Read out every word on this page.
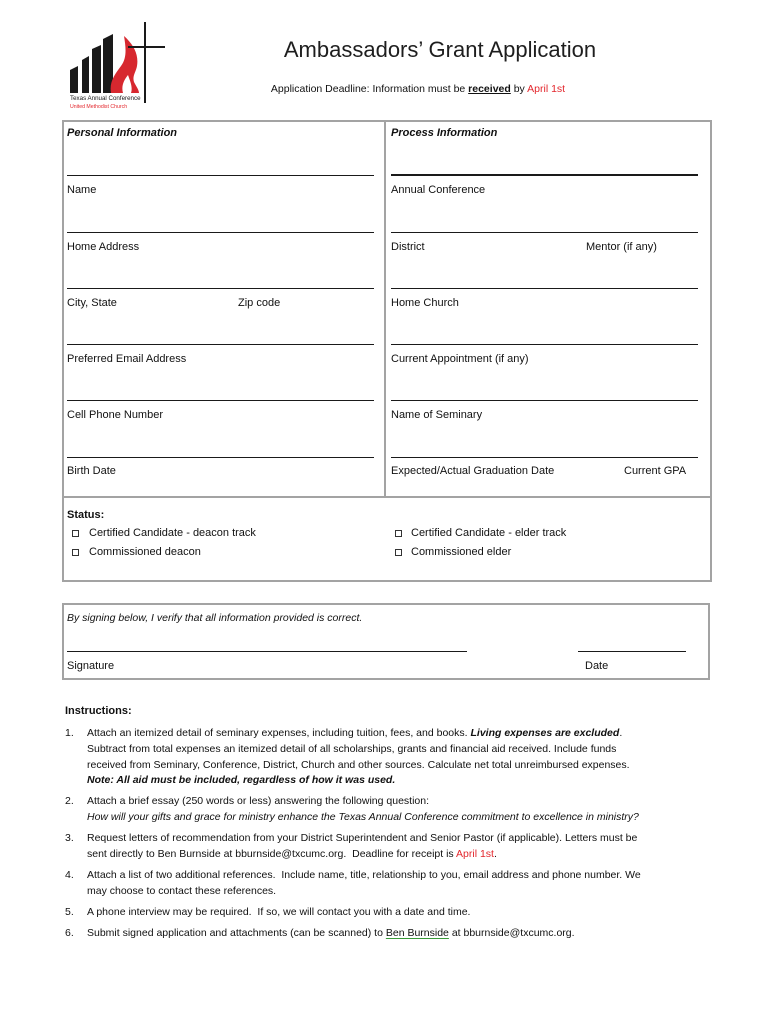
Texas Annual Conference
United Methodist Church
Ambassadors’ Grant Application
Application Deadline: Information must be received by April 1st
Personal Information	Process Information
Name
Home Address
City, State	Zip code
Preferred Email Address
Cell Phone Number
Birth Date
Annual Conference
District	Mentor (if any)
Home Church
Current Appointment (if any)
Name of Seminary
Expected/Actual Graduation Date	Current GPA
Status:
Certified Candidate - deacon track
Commissioned deacon
Certified Candidate - elder track
Commissioned elder
By signing below, I verify that all information provided is correct.
Signature	Date
Instructions:
1. Attach an itemized detail of seminary expenses, including tuition, fees, and books. Living expenses are excluded.
Subtract from total expenses an itemized detail of all scholarships, grants and financial aid received. Include funds
received from Seminary, Conference, District, Church and other sources. Calculate net total unreimbursed expenses.
Note: All aid must be included, regardless of how it was used.
2. Attach a brief essay (250 words or less) answering the following question:
How will your gifts and grace for ministry enhance the Texas Annual Conference commitment to excellence in ministry?
3. Request letters of recommendation from your District Superintendent and Senior Pastor (if applicable). Letters must be
sent directly to Ben Burnside at bburnside@txcumc.org.  Deadline for receipt is April 1st.
4. Attach a list of two additional references.  Include name, title, relationship to you, email address and phone number. We
may choose to contact these references.
5. A phone interview may be required.  If so, we will contact you with a date and time.
6. Submit signed application and attachments (can be scanned) to Ben Burnside at bburnside@txcumc.org.
